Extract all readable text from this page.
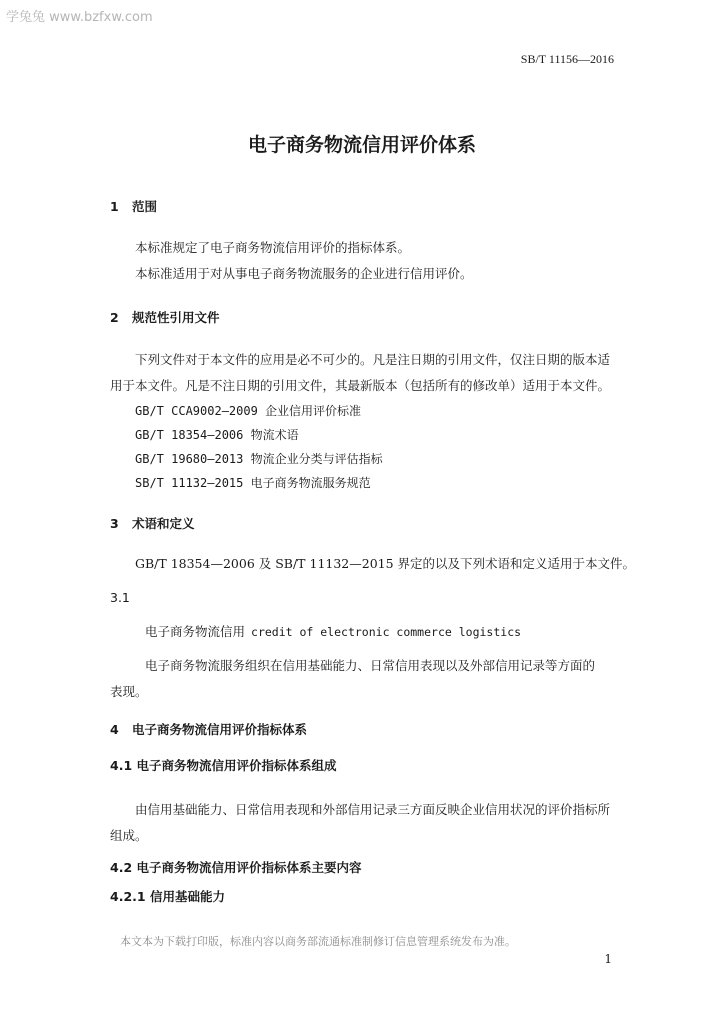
学兔兔 www.bzfxw.com
SB/T 11156—2016
电子商务物流信用评价体系
1 范围
本标准规定了电子商务物流信用评价的指标体系。
本标准适用于对从事电子商务物流服务的企业进行信用评价。
2 规范性引用文件
下列文件对于本文件的应用是必不可少的。凡是注日期的引用文件，仅注日期的版本适
用于本文件。凡是不注日期的引用文件，其最新版本（包括所有的修改单）适用于本文件。
GB/T CCA9002—2009 企业信用评价标准
GB/T 18354—2006 物流术语
GB/T 19680—2013 物流企业分类与评估指标
SB/T 11132—2015 电子商务物流服务规范
3 术语和定义
GB/T 18354—2006 及 SB/T 11132—2015 界定的以及下列术语和定义适用于本文件。
3.1
电子商务物流信用 credit of electronic commerce logistics
电子商务物流服务组织在信用基础能力、日常信用表现以及外部信用记录等方面的
表现。
4 电子商务物流信用评价指标体系
4.1 电子商务物流信用评价指标体系组成
由信用基础能力、日常信用表现和外部信用记录三方面反映企业信用状况的评价指标所
组成。
4.2 电子商务物流信用评价指标体系主要内容
4.2.1 信用基础能力
本文本为下载打印版，标准内容以商务部流通标准制修订信息管理系统发布为准。
1
